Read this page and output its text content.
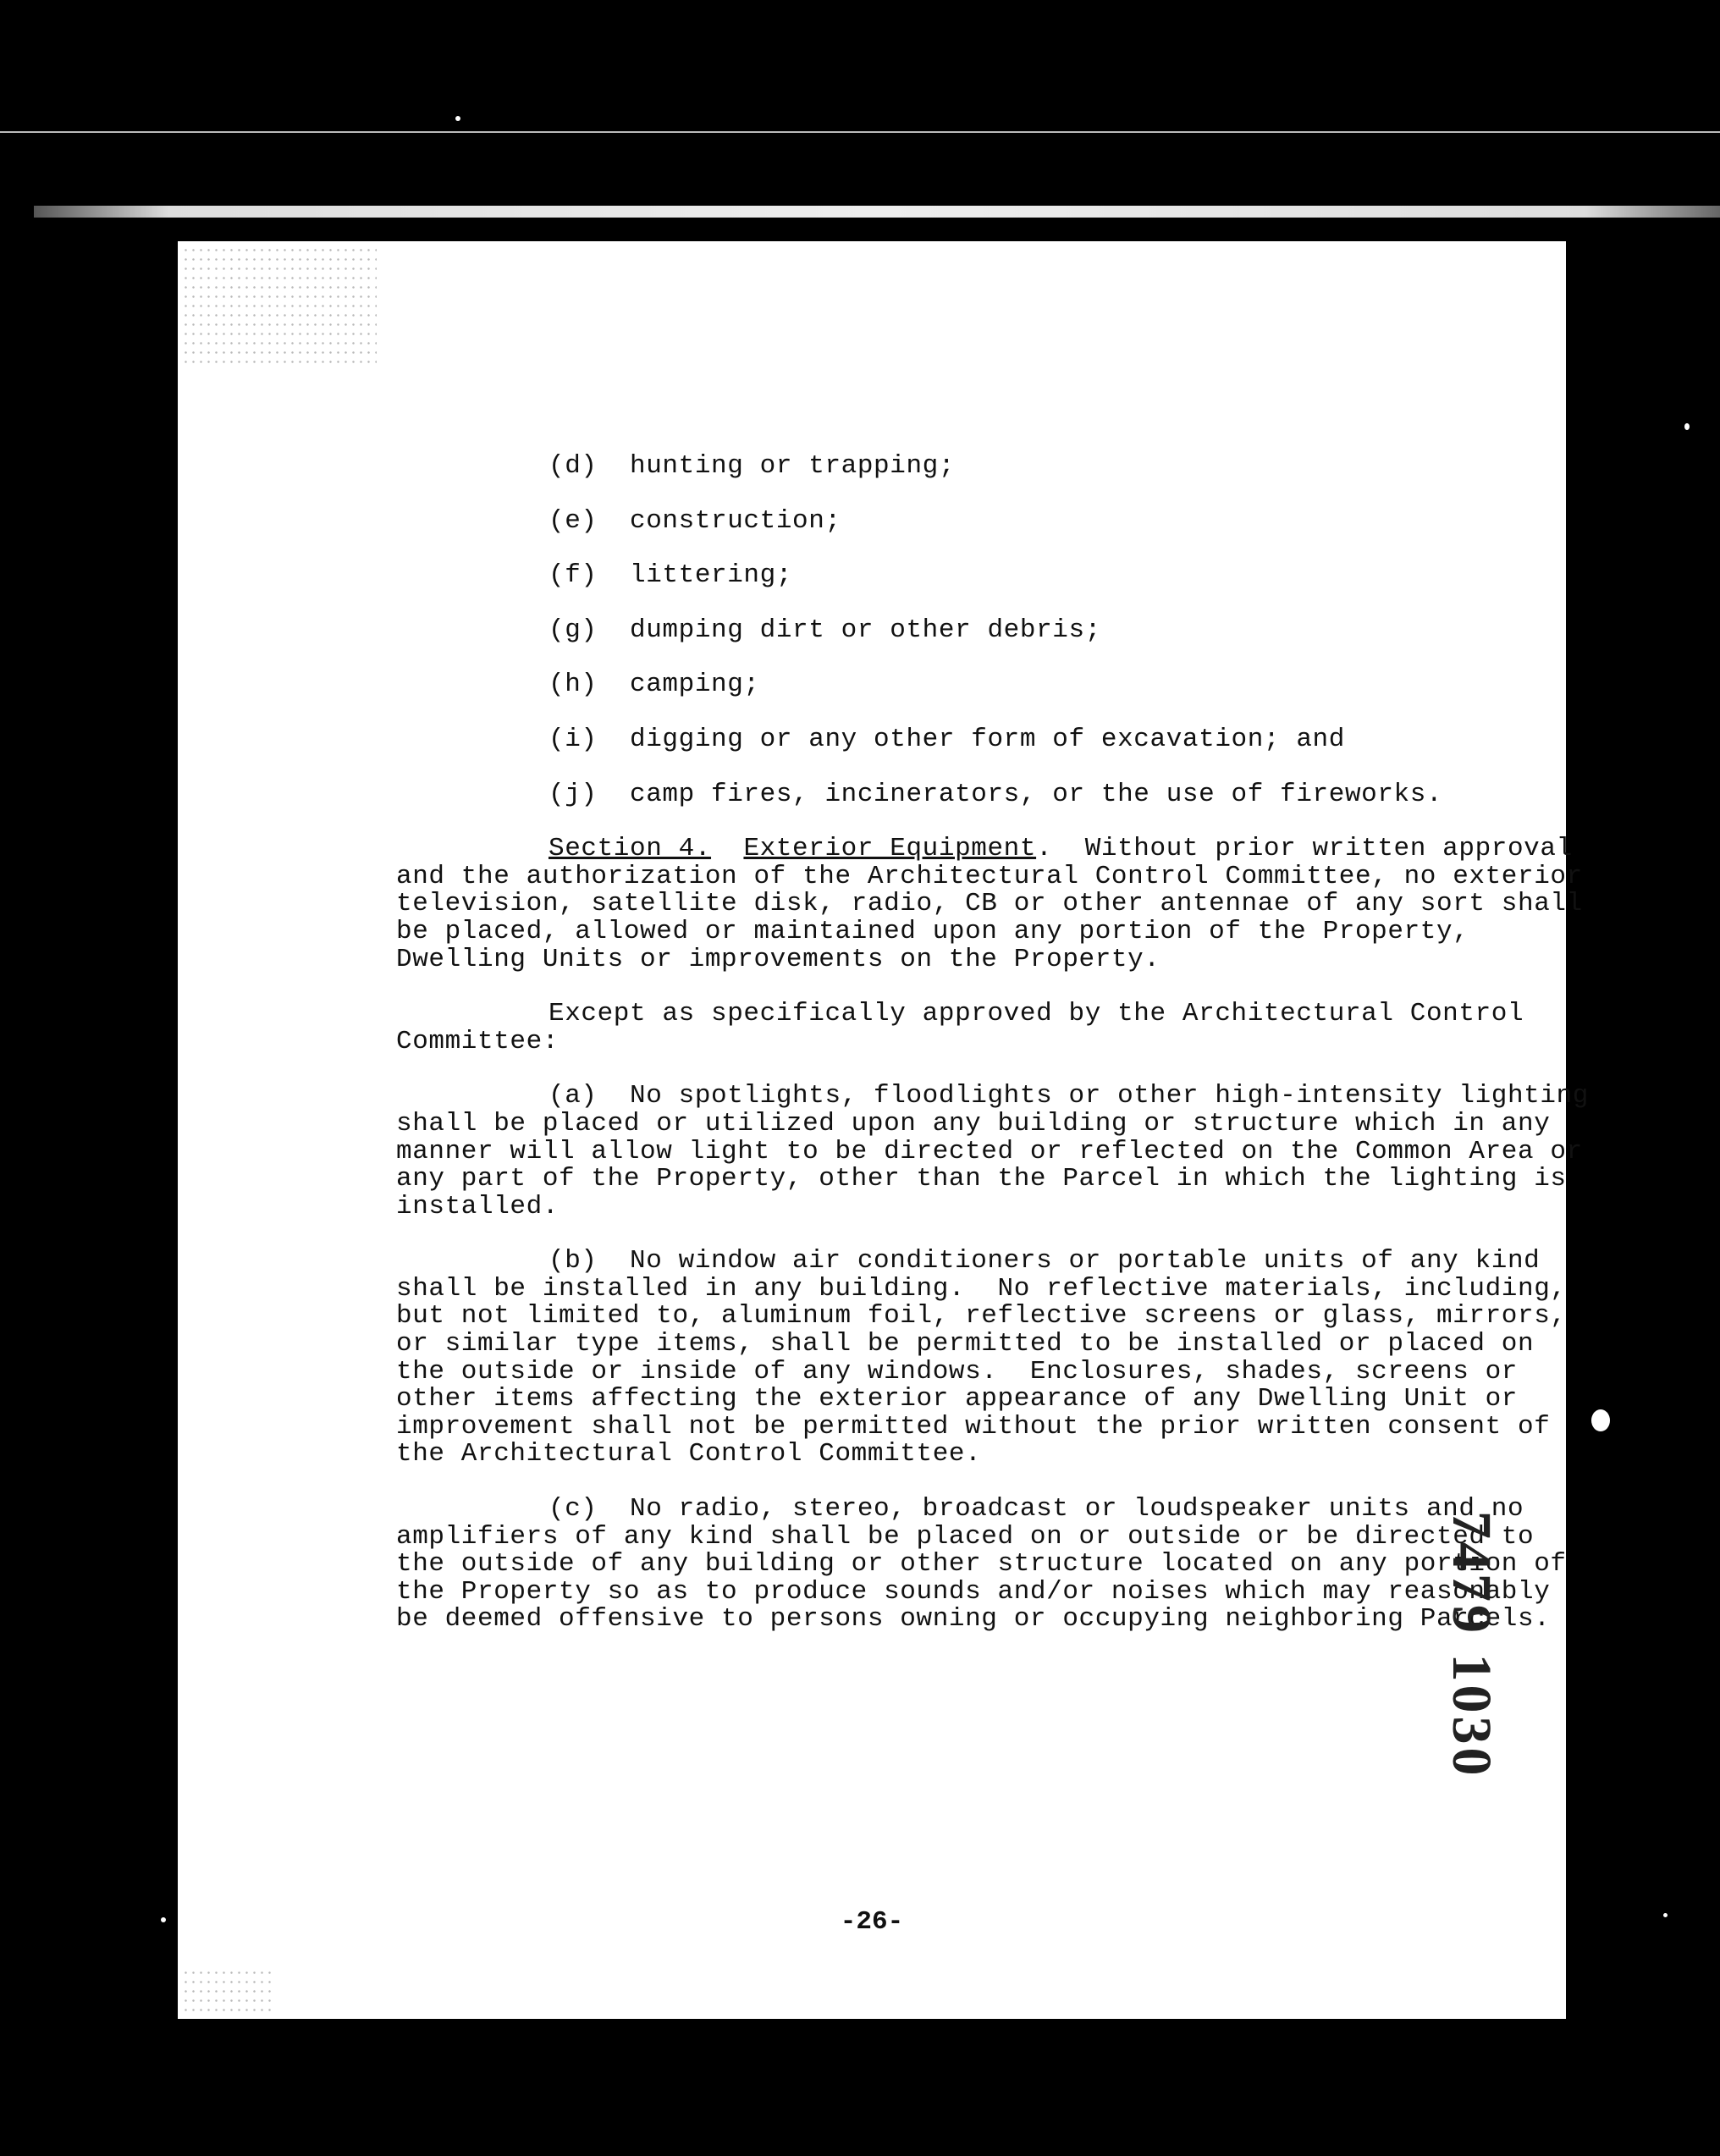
(d) hunting or trapping;
(e) construction;
(f) littering;
(g) dumping dirt or other debris;
(h) camping;
(i) digging or any other form of excavation; and
(j) camp fires, incinerators, or the use of fireworks.
Section 4. Exterior Equipment.  Without prior written approval and the authorization of the Architectural Control Committee, no exterior television, satellite disk, radio, CB or other antennae of any sort shall be placed, allowed or maintained upon any portion of the Property, Dwelling Units or improvements on the Property.
Except as specifically approved by the Architectural Control Committee:
(a)  No spotlights, floodlights or other high-intensity lighting shall be placed or utilized upon any building or structure which in any manner will allow light to be directed or reflected on the Common Area or any part of the Property, other than the Parcel in which the lighting is installed.
(b)  No window air conditioners or portable units of any kind shall be installed in any building.  No reflective materials, including, but not limited to, aluminum foil, reflective screens or glass, mirrors, or similar type items, shall be permitted to be installed or placed on the outside or inside of any windows.  Enclosures, shades, screens or other items affecting the exterior appearance of any Dwelling Unit or improvement shall not be permitted without the prior written consent of the Architectural Control Committee.
(c)  No radio, stereo, broadcast or loudspeaker units and no amplifiers of any kind shall be placed on or outside or be directed to the outside of any building or other structure located on any portion of the Property so as to produce sounds and/or noises which may reasonably be deemed offensive to persons owning or occupying neighboring Parcels.
-26-
7479 1030
